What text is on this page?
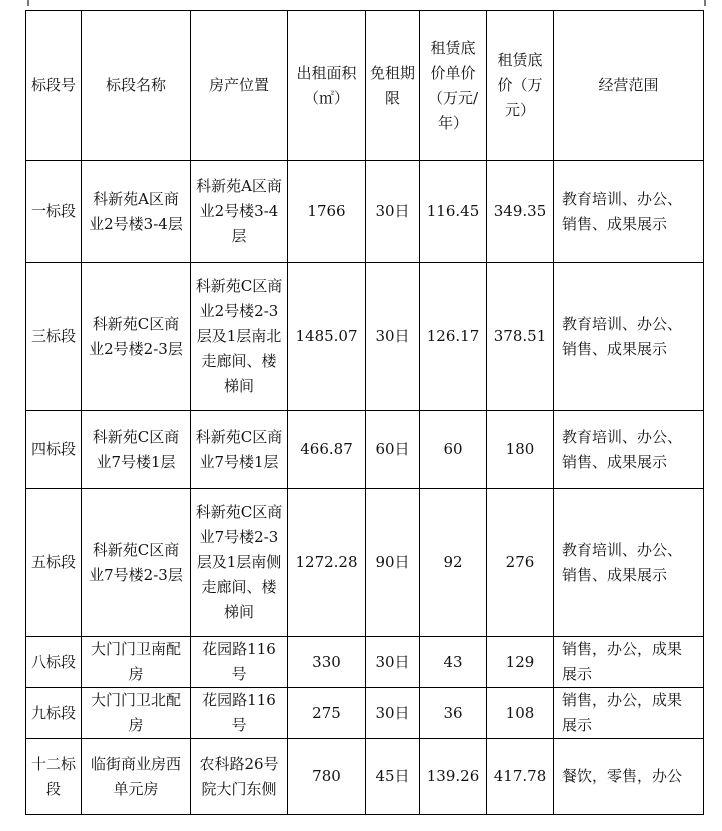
标段号	标段名称	房产位置	出租面积（㎡）	免租期限	租赁底价单价（万元/年）	租赁底价（万元）	经营范围
一标段	科新苑A区商业2号楼3-4层	科新苑A区商业2号楼3-4层	1766	30日	116.45	349.35	教育培训、办公、销售、成果展示
三标段	科新苑C区商业2号楼2-3层	科新苑C区商业2号楼2-3层及1层南北走廊间、楼梯间	1485.07	30日	126.17	378.51	教育培训、办公、销售、成果展示
四标段	科新苑C区商业7号楼1层	科新苑C区商业7号楼1层	466.87	60日	60	180	教育培训、办公、销售、成果展示
五标段	科新苑C区商业7号楼2-3层	科新苑C区商业7号楼2-3层及1层南侧走廊间、楼梯间	1272.28	90日	92	276	教育培训、办公、销售、成果展示
八标段	大门门卫南配房	花园路116号	330	30日	43	129	销售，办公，成果展示
九标段	大门门卫北配房	花园路116号	275	30日	36	108	销售，办公，成果展示
十二标段	临街商业房西单元房	农科路26号院大门东侧	780	45日	139.26	417.78	餐饮，零售，办公
